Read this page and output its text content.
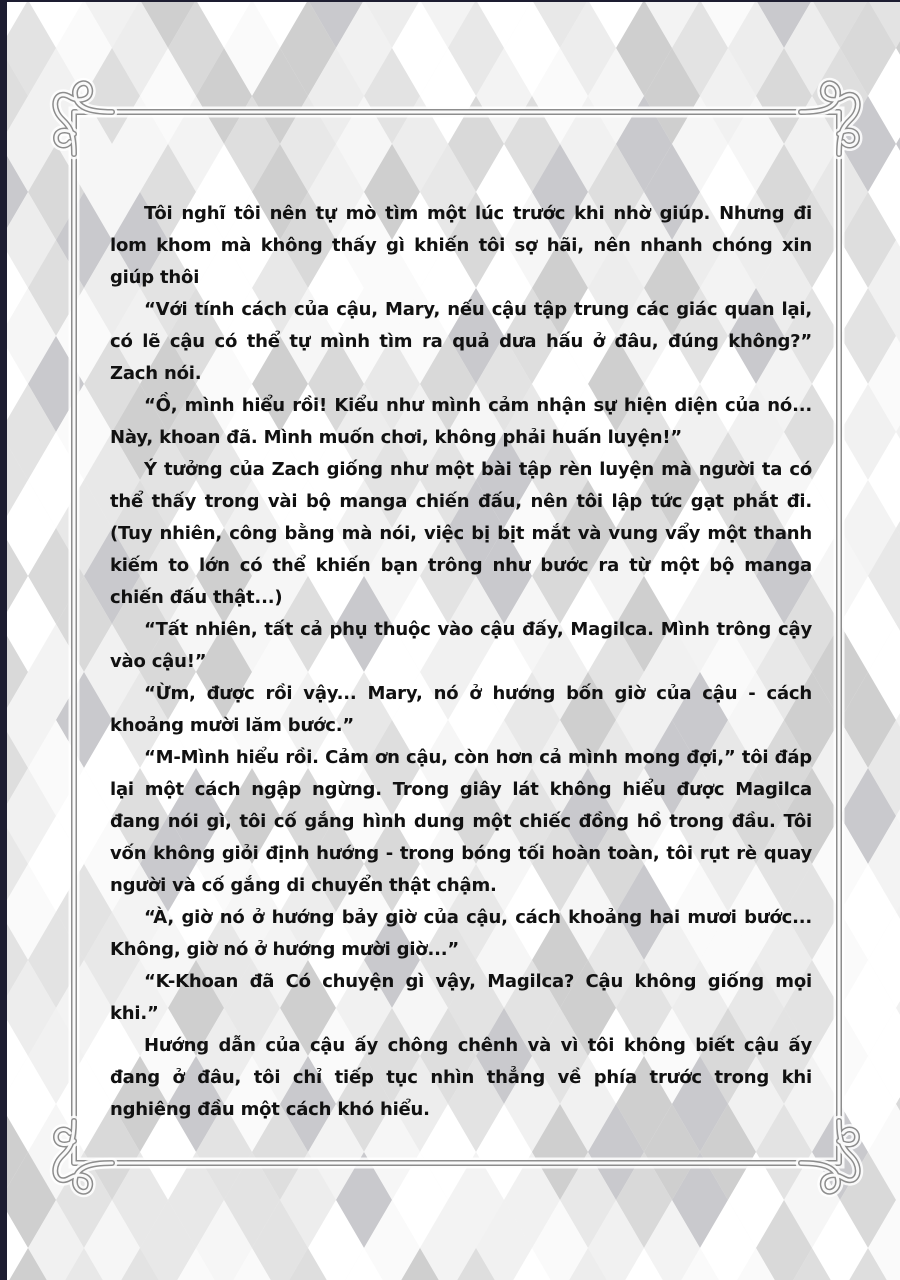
Tôi nghĩ tôi nên tự mò tìm một lúc trước khi nhờ giúp. Nhưng đi lom khom mà không thấy gì khiến tôi sợ hãi, nên nhanh chóng xin giúp thôi

“Với tính cách của cậu, Mary, nếu cậu tập trung các giác quan lại, có lẽ cậu có thể tự mình tìm ra quả dưa hấu ở đâu, đúng không?” Zach nói.

“Ồ, mình hiểu rồi! Kiểu như mình cảm nhận sự hiện diện của nó... Này, khoan đã. Mình muốn chơi, không phải huấn luyện!”

Ý tưởng của Zach giống như một bài tập rèn luyện mà người ta có thể thấy trong vài bộ manga chiến đấu, nên tôi lập tức gạt phắt đi. (Tuy nhiên, công bằng mà nói, việc bị bịt mắt và vung vẩy một thanh kiếm to lớn có thể khiến bạn trông như bước ra từ một bộ manga chiến đấu thật...)

“Tất nhiên, tất cả phụ thuộc vào cậu đấy, Magilca. Mình trông cậy vào cậu!”

“Ừm, được rồi vậy... Mary, nó ở hướng bốn giờ của cậu - cách khoảng mười lăm bước.”

“M-Mình hiểu rồi. Cảm ơn cậu, còn hơn cả mình mong đợi,” tôi đáp lại một cách ngập ngừng. Trong giây lát không hiểu được Magilca đang nói gì, tôi cố gắng hình dung một chiếc đồng hồ trong đầu. Tôi vốn không giỏi định hướng - trong bóng tối hoàn toàn, tôi rụt rè quay người và cố gắng di chuyển thật chậm.

“À, giờ nó ở hướng bảy giờ của cậu, cách khoảng hai mươi bước... Không, giờ nó ở hướng mười giờ...”

“K-Khoan đã Có chuyện gì vậy, Magilca? Cậu không giống mọi khi.”

Hướng dẫn của cậu ấy chông chênh và vì tôi không biết cậu ấy đang ở đâu, tôi chỉ tiếp tục nhìn thẳng về phía trước trong khi nghiêng đầu một cách khó hiểu.
